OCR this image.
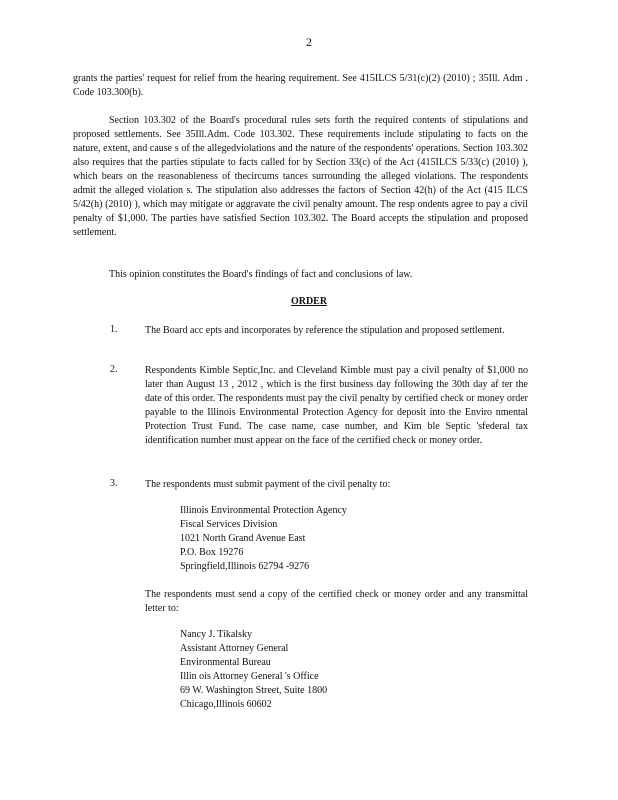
2
grants the parties' request for relief from the hearing requirement. See 415ILCS 5/31(c)(2) (2010) ; 35Ill. Adm . Code 103.300(b).
Section 103.302 of the Board's procedural rules sets forth the required contents of stipulations and proposed settlements. See 35Ill.Adm. Code 103.302. These requirements include stipulating to facts on the nature, extent, and cause s of the allegedviolations and the nature of the respondents' operations. Section 103.302 also requires that the parties stipulate to facts called for by Section 33(c) of the Act (415ILCS 5/33(c) (2010) ), which bears on the reasonableness of thecircums tances surrounding the alleged violations. The respondents admit the alleged violation s. The stipulation also addresses the factors of Section 42(h) of the Act (415 ILCS 5/42(h) (2010) ), which may mitigate or aggravate the civil penalty amount. The resp ondents agree to pay a civil penalty of $1,000. The parties have satisfied Section 103.302. The Board accepts the stipulation and proposed settlement.
This opinion constitutes the Board's findings of fact and conclusions of law.
ORDER
1.	The Board acc epts and incorporates by reference the stipulation and proposed settlement.
2.	Respondents Kimble Septic,Inc. and Cleveland Kimble must pay a civil penalty of $1,000 no later than August 13 , 2012 , which is the first business day following the 30th day af ter the date of this order. The respondents must pay the civil penalty by certified check or money order payable to the Illinois Environmental Protection Agency for deposit into the Enviro nmental Protection Trust Fund. The case name, case number, and Kim ble Septic 'sfederal tax identification number must appear on the face of the certified check or money order.
3.	The respondents must submit payment of the civil penalty to:
Illinois Environmental Protection Agency
Fiscal Services Division
1021 North Grand Avenue East
P.O. Box 19276
Springfield,Illinois 62794 -9276
The respondents must send a copy of the certified check or money order and any transmittal letter to:
Nancy J. Tikalsky
Assistant Attorney General
Environmental Bureau
Illin ois Attorney General 's Office
69 W. Washington Street, Suite 1800
Chicago,Illinois 60602
